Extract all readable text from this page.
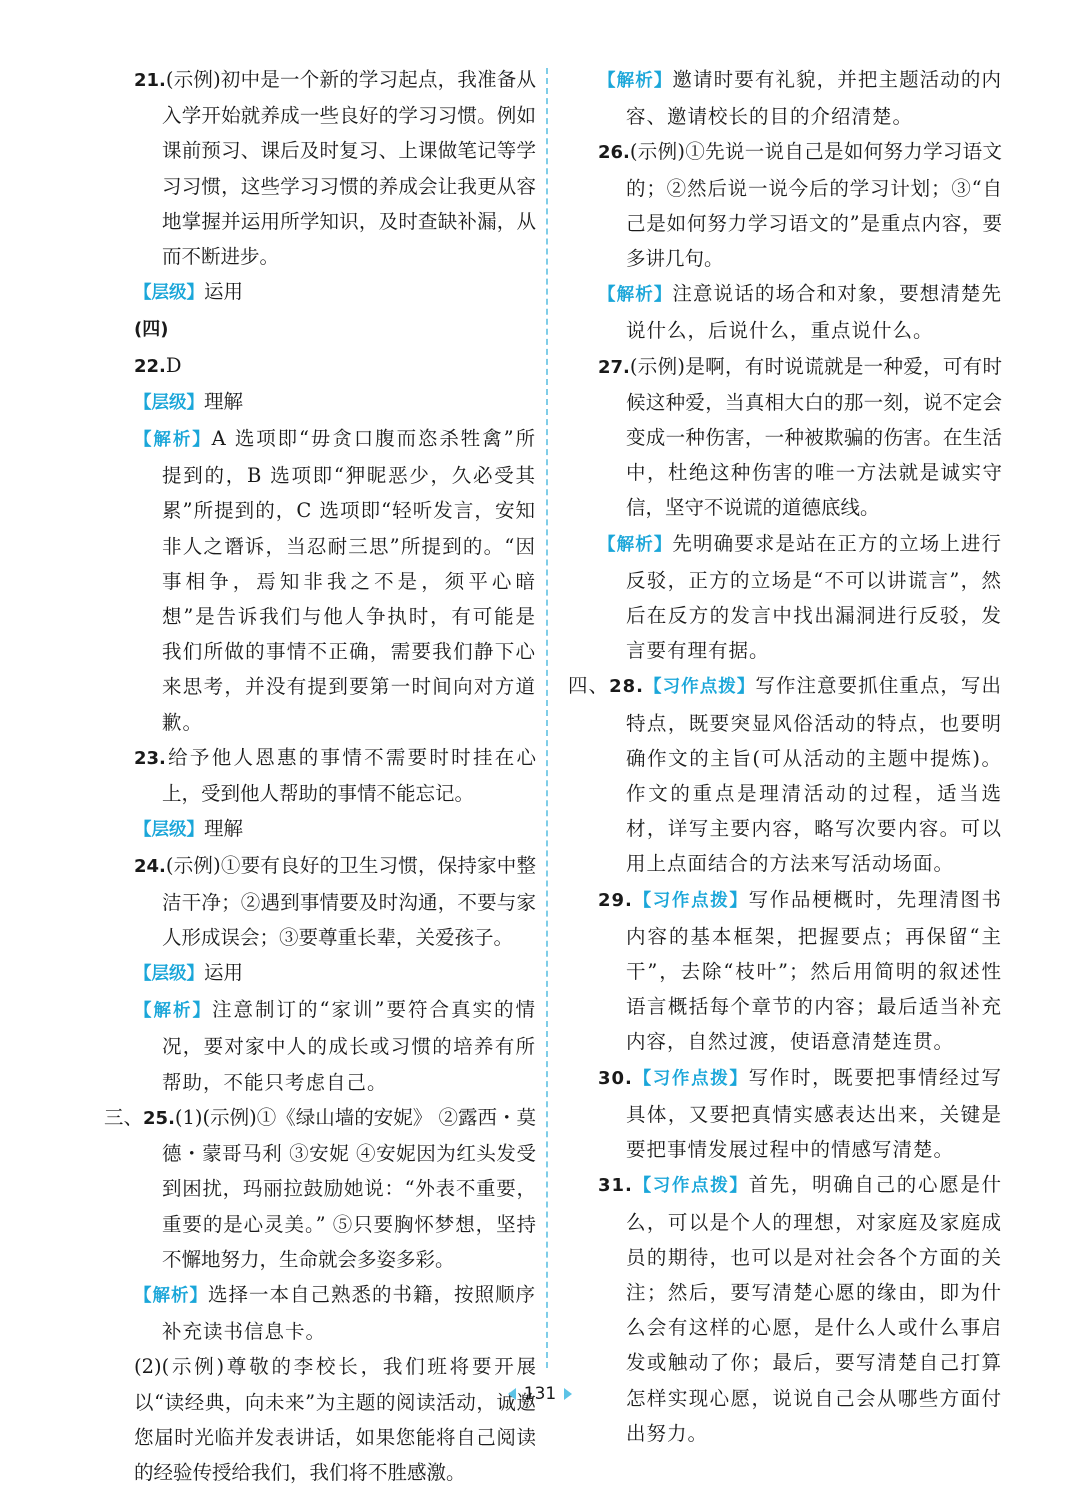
21.(示例)初中是一个新的学习起点，我准备从入学开始就养成一些良好的学习习惯。例如课前预习、课后及时复习、上课做笔记等学习习惯，这些学习习惯的养成会让我更从容地掌握并运用所学知识，及时查缺补漏，从而不断进步。

【层级】运用

(四)

22.D

【层级】理解

【解析】A 选项即“毋贪口腹而恣杀牲禽”所提到的，B 选项即“狎昵恶少，久必受其累”所提到的，C 选项即“轻听发言，安知非人之谮诉，当忍耐三思”所提到的。“因事相争，焉知非我之不是，须平心暗想”是告诉我们与他人争执时，有可能是我们所做的事情不正确，需要我们静下心来思考，并没有提到要第一时间向对方道歉。

23.给予他人恩惠的事情不需要时时挂在心上，受到他人帮助的事情不能忘记。

【层级】理解

24.(示例)①要有良好的卫生习惯，保持家中整洁干净；②遇到事情要及时沟通，不要与家人形成误会；③要尊重长辈，关爱孩子。

【层级】运用

【解析】注意制订的“家训”要符合真实的情况，要对家中人的成长或习惯的培养有所帮助，不能只考虑自己。

三、25.(1)(示例)①《绿山墙的安妮》 ②露西・莫德・蒙哥马利 ③安妮 ④安妮因为红头发受到困扰，玛丽拉鼓励她说：“外表不重要，重要的是心灵美。” ⑤只要胸怀梦想，坚持不懈地努力，生命就会多姿多彩。

【解析】选择一本自己熟悉的书籍，按照顺序补充读书信息卡。

(2)(示例)尊敬的李校长，我们班将要开展以“读经典，向未来”为主题的阅读活动，诚邀您届时光临并发表讲话，如果您能将自己阅读的经验传授给我们，我们将不胜感激。

【解析】邀请时要有礼貌，并把主题活动的内容、邀请校长的目的介绍清楚。

26.(示例)①先说一说自己是如何努力学习语文的；②然后说一说今后的学习计划；③“自己是如何努力学习语文的”是重点内容，要多讲几句。

【解析】注意说话的场合和对象，要想清楚先说什么，后说什么，重点说什么。

27.(示例)是啊，有时说谎就是一种爱，可有时候这种爱，当真相大白的那一刻，说不定会变成一种伤害，一种被欺骗的伤害。在生活中，杜绝这种伤害的唯一方法就是诚实守信，坚守不说谎的道德底线。

【解析】先明确要求是站在正方的立场上进行反驳，正方的立场是“不可以讲谎言”，然后在反方的发言中找出漏洞进行反驳，发言要有理有据。

四、28.【习作点拨】写作注意要抓住重点，写出特点，既要突显风俗活动的特点，也要明确作文的主旨(可从活动的主题中提炼)。作文的重点是理清活动的过程，适当选材，详写主要内容，略写次要内容。可以用上点面结合的方法来写活动场面。

29.【习作点拨】写作品梗概时，先理清图书内容的基本框架，把握要点；再保留“主干”，去除“枝叶”；然后用简明的叙述性语言概括每个章节的内容；最后适当补充内容，自然过渡，使语意清楚连贯。

30.【习作点拨】写作时，既要把事情经过写具体，又要把真情实感表达出来，关键是要把事情发展过程中的情感写清楚。

31.【习作点拨】首先，明确自己的心愿是什么，可以是个人的理想，对家庭及家庭成员的期待，也可以是对社会各个方面的关注；然后，要写清楚心愿的缘由，即为什么会有这样的心愿，是什么人或什么事启发或触动了你；最后，要写清楚自己打算怎样实现心愿，说说自己会从哪些方面付出努力。

131
